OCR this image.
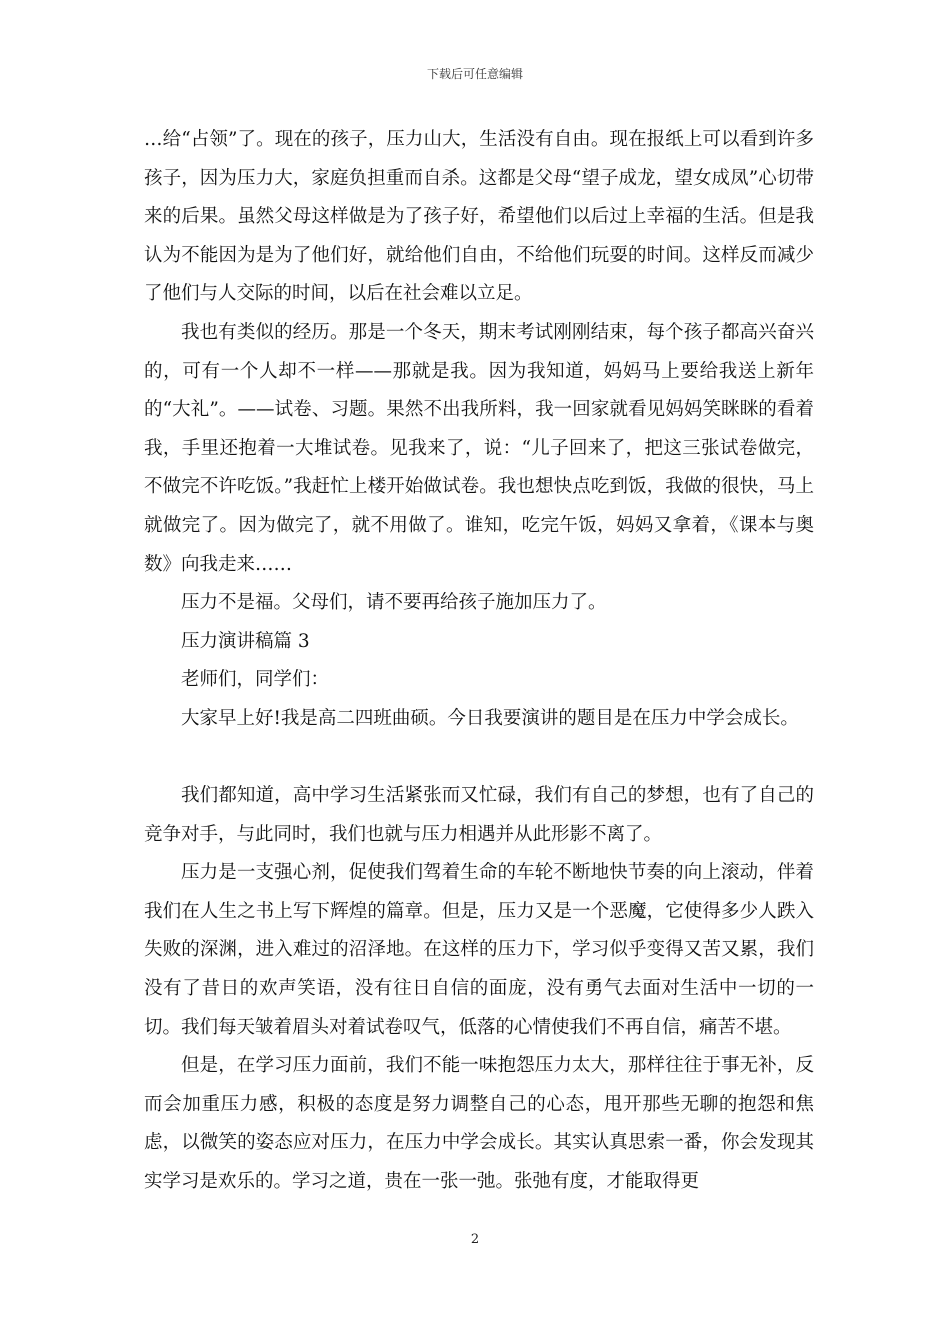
下载后可任意编辑

…给“占领”了。现在的孩子，压力山大，生活没有自由。现在报纸上可以看到许多孩子，因为压力大，家庭负担重而自杀。这都是父母“望子成龙，望女成凤”心切带来的后果。虽然父母这样做是为了孩子好，希望他们以后过上幸福的生活。但是我认为不能因为是为了他们好，就给他们自由，不给他们玩耍的时间。这样反而减少了他们与人交际的时间，以后在社会难以立足。

我也有类似的经历。那是一个冬天，期末考试刚刚结束，每个孩子都高兴奋兴的，可有一个人却不一样——那就是我。因为我知道，妈妈马上要给我送上新年的“大礼”。——试卷、习题。果然不出我所料，我一回家就看见妈妈笑眯眯的看着我，手里还抱着一大堆试卷。见我来了，说：“儿子回来了，把这三张试卷做完，不做完不许吃饭。”我赶忙上楼开始做试卷。我也想快点吃到饭，我做的很快，马上就做完了。因为做完了，就不用做了。谁知，吃完午饭，妈妈又拿着，《课本与奥数》向我走来……

压力不是福。父母们，请不要再给孩子施加压力了。

压力演讲稿篇 3

老师们，同学们：

大家早上好!我是高二四班曲硕。今日我要演讲的题目是在压力中学会成长。

我们都知道，高中学习生活紧张而又忙碌，我们有自己的梦想，也有了自己的竞争对手，与此同时，我们也就与压力相遇并从此形影不离了。

压力是一支强心剂，促使我们驾着生命的车轮不断地快节奏的向上滚动，伴着我们在人生之书上写下辉煌的篇章。但是，压力又是一个恶魔，它使得多少人跌入失败的深渊，进入难过的沼泽地。在这样的压力下，学习似乎变得又苦又累，我们没有了昔日的欢声笑语，没有往日自信的面庞，没有勇气去面对生活中一切的一切。我们每天皱着眉头对着试卷叹气，低落的心情使我们不再自信，痛苦不堪。

但是，在学习压力面前，我们不能一味抱怨压力太大，那样往往于事无补，反而会加重压力感，积极的态度是努力调整自己的心态，甩开那些无聊的抱怨和焦虑，以微笑的姿态应对压力，在压力中学会成长。其实认真思索一番，你会发现其实学习是欢乐的。学习之道，贵在一张一弛。张弛有度，才能取得更

2
